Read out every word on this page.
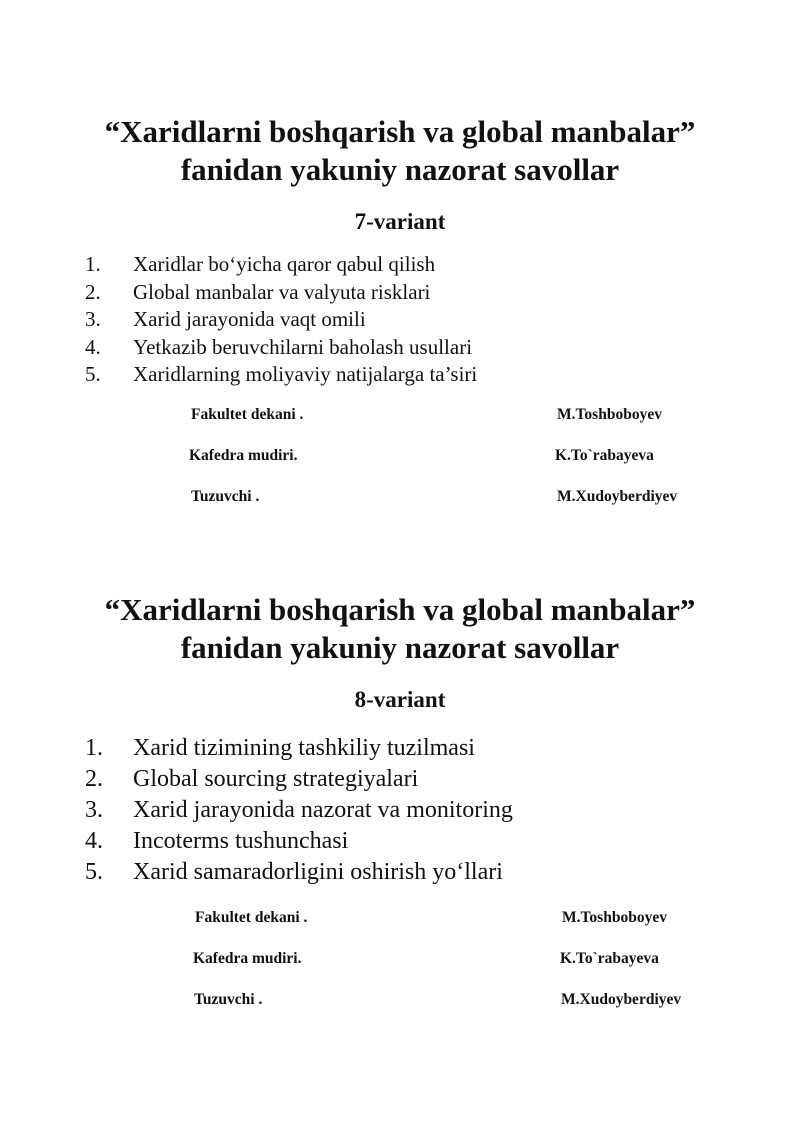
“Xaridlarni boshqarish va global manbalar”
fanidan yakuniy nazorat savollar
7-variant
1. Xaridlar bo‘yicha qaror qabul qilish
2. Global manbalar va valyuta risklari
3. Xarid jarayonida vaqt omili
4. Yetkazib beruvchilarni baholash usullari
5. Xaridlarning moliyaviy natijalarga ta’siri
Fakultet dekani .	M.Toshboboyev
Kafedra mudiri.	K.To`rabayeva
Tuzuvchi .	M.Xudoyberdiyev
“Xaridlarni boshqarish va global manbalar”
fanidan yakuniy nazorat savollar
8-variant
1. Xarid tizimining tashkiliy tuzilmasi
2. Global sourcing strategiyalari
3. Xarid jarayonida nazorat va monitoring
4. Incoterms tushunchasi
5. Xarid samaradorligini oshirish yo‘llari
Fakultet dekani .	M.Toshboboyev
Kafedra mudiri.	K.To`rabayeva
Tuzuvchi .	M.Xudoyberdiyev
